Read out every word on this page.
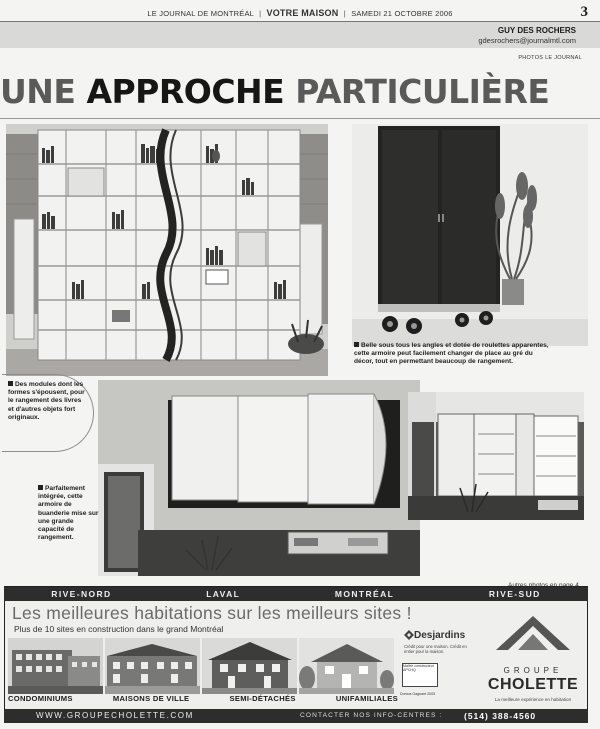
LE JOURNAL DE MONTRÉAL | VOTRE MAISON | SAMEDI 21 OCTOBRE 2006	3
GUY DES ROCHERS
gdesrochers@journalmtl.com
PHOTOS LE JOURNAL
UNE APPROCHE PARTICULIÈRE
Belle sous tous les angles et dotée de roulettes apparentes, cette armoire peut facilement changer de place au gré du décor, tout en permettant beaucoup de rangement.
Des modules dont les formes s'épousent, pour le rangement des livres et d'autres objets fort originaux.
Parfaitement intégrée, cette armoire de buanderie mise sur une grande capacité de rangement.
RIVE-NORD	LAVAL	MONTRÉAL	RIVE-SUD
Les meilleures habitations sur les meilleurs sites !
Plus de 10 sites en construction dans le grand Montréal
CONDOMINIUMS	MAISONS DE VILLE	SEMI-DÉTACHÉS	UNIFAMILIALES
Desjardins
Crédit pour une maison. Crédit en entier pour la maison.
Maître constructeur APCHQ
Domus Gagnant 2005
GROUPE
CHOLETTE
La meilleure expérience en habitation
WWW.GROUPECHOLETTE.COM	CONTACTER NOS INFO-CENTRES :	(514) 388-4560
